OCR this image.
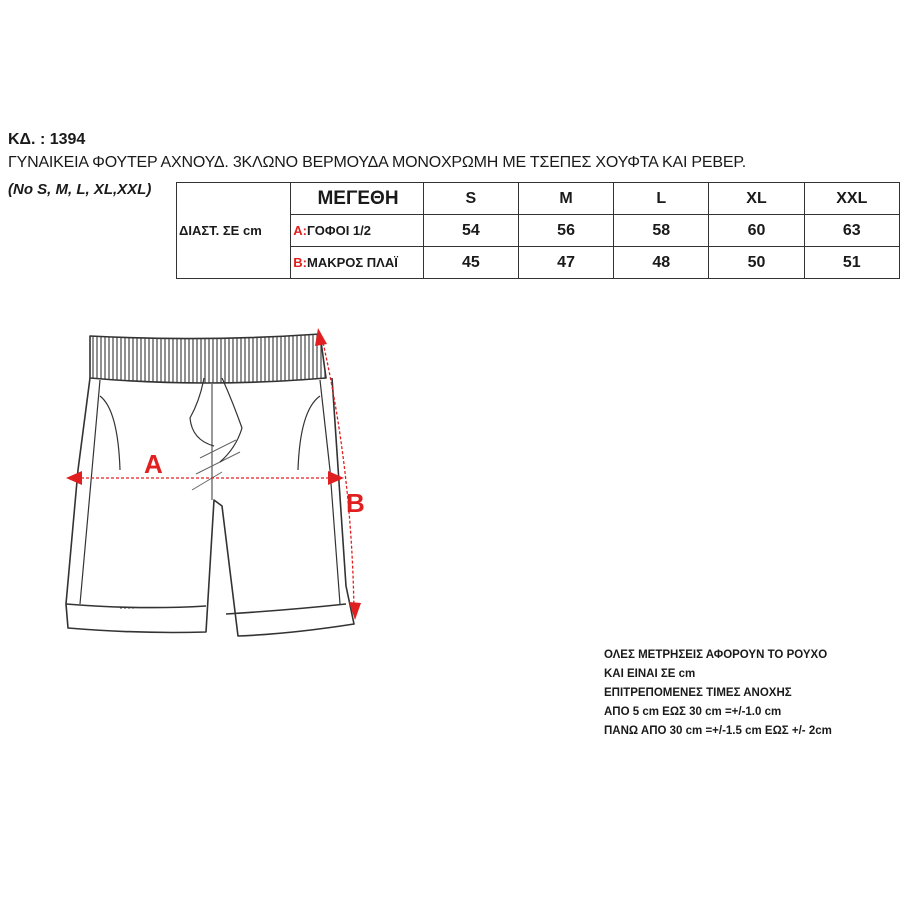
ΚΔ. : 1394
ΓΥΝΑΙΚΕΙΑ ΦΟΥΤΕΡ ΑΧΝΟΥΔ. 3ΚΛΩΝΟ ΒΕΡΜΟΥΔΑ ΜΟΝΟΧΡΩΜΗ ΜΕ ΤΣΕΠΕΣ ΧΟΥΦΤΑ ΚΑΙ ΡΕΒΕΡ.
(No S, M, L, XL,XXL)
ΔΙΑΣΤ. ΣΕ cm	ΜΕΓΕΘΗ	S	M	L	XL	XXL
	A:ΓΟΦΟΙ 1/2	54	56	58	60	63
	B:ΜΑΚΡΟΣ ΠΛΑΪ	45	47	48	50	51
A
B
ΟΛΕΣ ΜΕΤΡΗΣΕΙΣ ΑΦΟΡΟΥΝ ΤΟ ΡΟΥΧΟ
ΚΑΙ ΕΙΝΑΙ ΣΕ cm
ΕΠΙΤΡΕΠΟΜΕΝΕΣ ΤΙΜΕΣ ΑΝΟΧΗΣ
ΑΠΟ 5 cm ΕΩΣ 30 cm =+/-1.0 cm
ΠΑΝΩ ΑΠΟ 30 cm =+/-1.5 cm ΕΩΣ +/- 2cm
